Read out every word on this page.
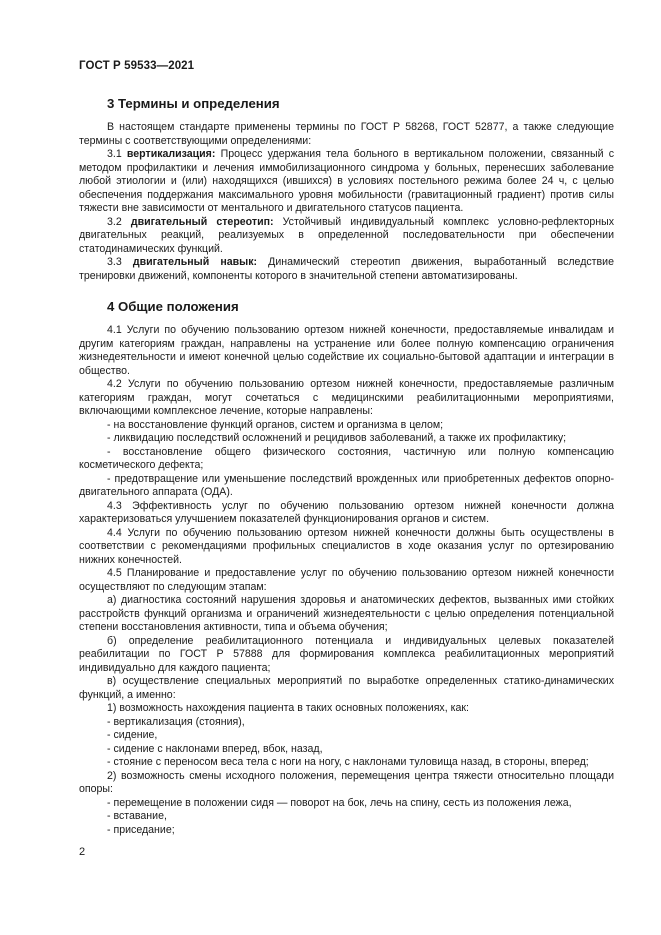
ГОСТ Р 59533—2021
3 Термины и определения

В настоящем стандарте применены термины по ГОСТ Р 58268, ГОСТ 52877, а также следующие термины с соответствующими определениями:

3.1 вертикализация: Процесс удержания тела больного в вертикальном положении, связанный с методом профилактики и лечения иммобилизационного синдрома у больных, перенесших заболевание любой этиологии и (или) находящихся (ившихся) в условиях постельного режима более 24 ч, с целью обеспечения поддержания максимального уровня мобильности (гравитационный градиент) против силы тяжести вне зависимости от ментального и двигательного статусов пациента.

3.2 двигательный стереотип: Устойчивый индивидуальный комплекс условно-рефлекторных двигательных реакций, реализуемых в определенной последовательности при обеспечении статодинамических функций.

3.3 двигательный навык: Динамический стереотип движения, выработанный вследствие тренировки движений, компоненты которого в значительной степени автоматизированы.

4 Общие положения

4.1 Услуги по обучению пользованию ортезом нижней конечности, предоставляемые инвалидам и другим категориям граждан, направлены на устранение или более полную компенсацию ограничения жизнедеятельности и имеют конечной целью содействие их социально-бытовой адаптации и интеграции в общество.

4.2 Услуги по обучению пользованию ортезом нижней конечности, предоставляемые различным категориям граждан, могут сочетаться с медицинскими реабилитационными мероприятиями, включающими комплексное лечение, которые направлены:

- на восстановление функций органов, систем и организма в целом;

- ликвидацию последствий осложнений и рецидивов заболеваний, а также их профилактику;

- восстановление общего физического состояния, частичную или полную компенсацию косметического дефекта;

- предотвращение или уменьшение последствий врожденных или приобретенных дефектов опорно-двигательного аппарата (ОДА).

4.3 Эффективность услуг по обучению пользованию ортезом нижней конечности должна характеризоваться улучшением показателей функционирования органов и систем.

4.4 Услуги по обучению пользованию ортезом нижней конечности должны быть осуществлены в соответствии с рекомендациями профильных специалистов в ходе оказания услуг по ортезированию нижних конечностей.

4.5 Планирование и предоставление услуг по обучению пользованию ортезом нижней конечности осуществляют по следующим этапам:

а) диагностика состояний нарушения здоровья и анатомических дефектов, вызванных ими стойких расстройств функций организма и ограничений жизнедеятельности с целью определения потенциальной степени восстановления активности, типа и объема обучения;

б) определение реабилитационного потенциала и индивидуальных целевых показателей реабилитации по ГОСТ Р 57888 для формирования комплекса реабилитационных мероприятий индивидуально для каждого пациента;

в) осуществление специальных мероприятий по выработке определенных статико-динамических функций, а именно:

1) возможность нахождения пациента в таких основных положениях, как:

- вертикализация (стояния),

- сидение,

- сидение с наклонами вперед, вбок, назад,

- стояние с переносом веса тела с ноги на ногу, с наклонами туловища назад, в стороны, вперед;

2) возможность смены исходного положения, перемещения центра тяжести относительно площади опоры:

- перемещение в положении сидя — поворот на бок, лечь на спину, сесть из положения лежа,

- вставание,

- приседание;

2
